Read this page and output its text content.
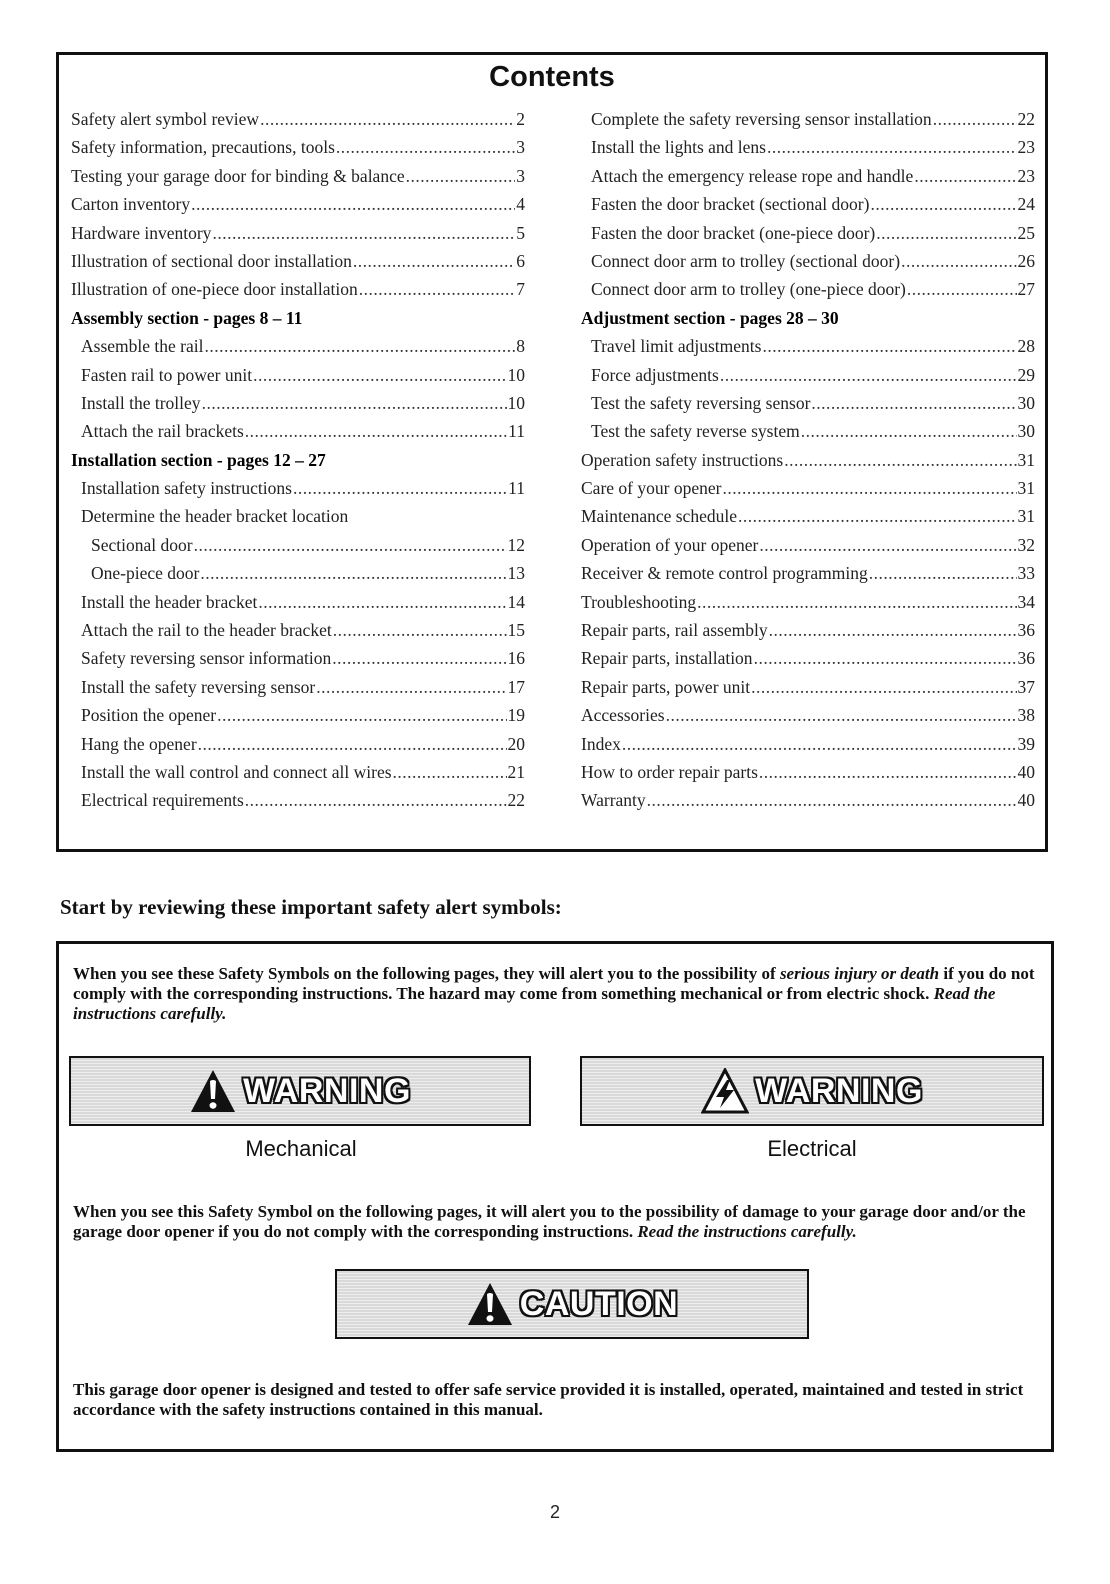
Contents
Safety alert symbol review .....	2
Safety information, precautions, tools .....	3
Testing your garage door for binding & balance .....	3
Carton inventory .....	4
Hardware inventory .....	5
Illustration of sectional door installation .....	6
Illustration of one-piece door installation .....	7
Assembly section - pages 8 – 11
Assemble the rail .....	8
Fasten rail to power unit .....	10
Install the trolley .....	10
Attach the rail brackets .....	11
Installation section - pages 12 – 27
Installation safety instructions .....	11
Determine the header bracket location
Sectional door .....	12
One-piece door .....	13
Install the header bracket .....	14
Attach the rail to the header bracket .....	15
Safety reversing sensor information .....	16
Install the safety reversing sensor .....	17
Position the opener .....	19
Hang the opener .....	20
Install the wall control and connect all wires .....	21
Electrical requirements .....	22
Complete the safety reversing sensor installation .....	22
Install the lights and lens .....	23
Attach the emergency release rope and handle .....	23
Fasten the door bracket (sectional door) .....	24
Fasten the door bracket (one-piece door) .....	25
Connect door arm to trolley (sectional door) .....	26
Connect door arm to trolley (one-piece door) .....	27
Adjustment section - pages 28 – 30
Travel limit adjustments .....	28
Force adjustments .....	29
Test the safety reversing sensor .....	30
Test the safety reverse system .....	30
Operation safety instructions .....	31
Care of your opener .....	31
Maintenance schedule .....	31
Operation of your opener .....	32
Receiver & remote control programming .....	33
Troubleshooting .....	34
Repair parts, rail assembly .....	36
Repair parts, installation .....	36
Repair parts, power unit .....	37
Accessories .....	38
Index .....	39
How to order repair parts .....	40
Warranty .....	40
Start by reviewing these important safety alert symbols:
When you see these Safety Symbols on the following pages, they will alert you to the possibility of serious injury or death if you do not comply with the corresponding instructions. The hazard may come from something mechanical or from electric shock. Read the instructions carefully.
WARNING	WARNING
Mechanical	Electrical
When you see this Safety Symbol on the following pages, it will alert you to the possibility of damage to your garage door and/or the garage door opener if you do not comply with the corresponding instructions. Read the instructions carefully.
CAUTION
This garage door opener is designed and tested to offer safe service provided it is installed, operated, maintained and tested in strict accordance with the safety instructions contained in this manual.
2
